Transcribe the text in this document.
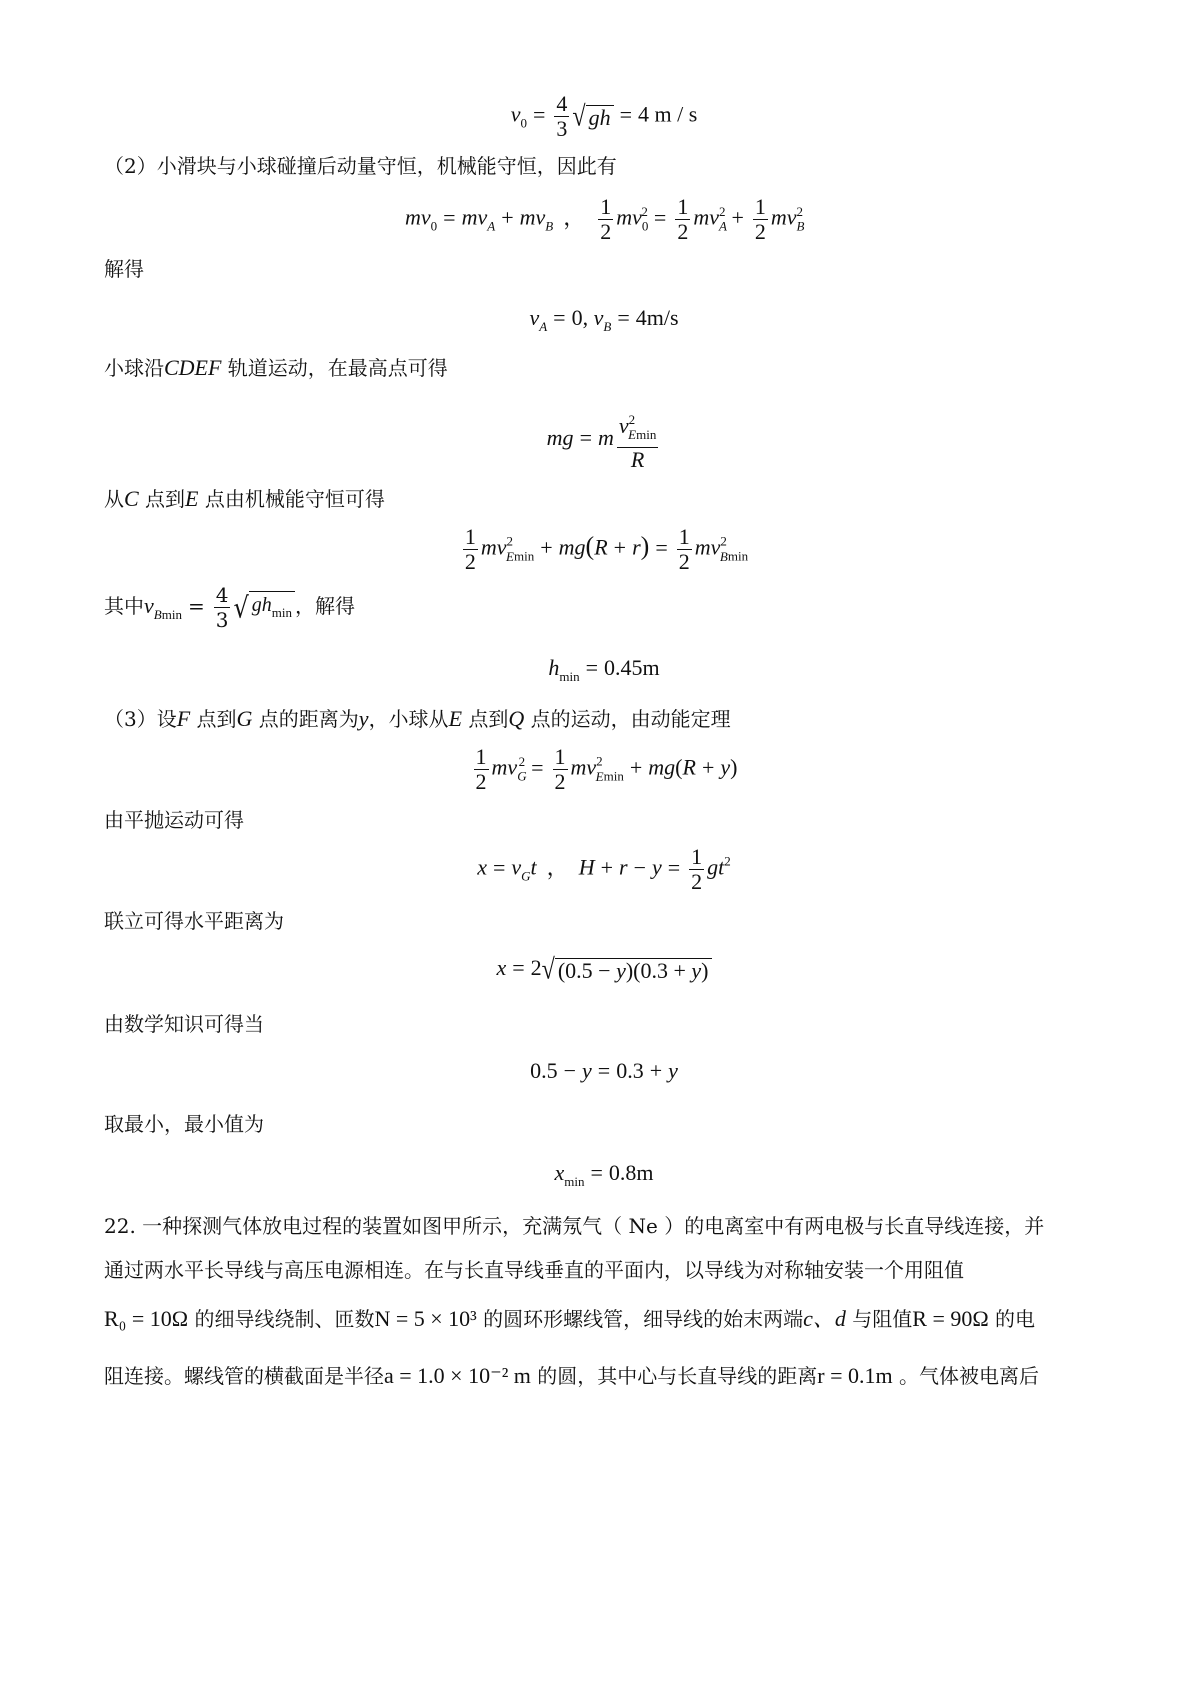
$v_0 = \frac{4}{3}$ √ gh = 4 m / s
（2）小滑块与小球碰撞后动量守恒，机械能守恒，因此有
$mv_0 = mv_A + mv_B$ ， $\frac{1}{2} mv_0^2 = \frac{1}{2} mv_A^2 + \frac{1}{2} mv_B^2$
解得
$v_A = 0$, $v_B = 4m/s$
小球沿CDEF 轨道运动，在最高点可得
mg = m $\frac{v^2_{Emin}}{R}$
从C 点到E 点由机械能守恒可得
$\frac{1}{2} mv^2_{Emin} + mg(R + r) = \frac{1}{2} mv^2_{Bmin}$
其中$v_{Bmin} = \frac{4}{3}$ √ $gh_{min}$ ，解得
$h_{min} = 0.45m$
（3）设F 点到G 点的距离为y，小球从E 点到Q 点的运动，由动能定理
$\frac{1}{2} mv_G^2 = \frac{1}{2} mv^2_{Emin} + mg(R + y)$
由平抛运动可得
$x = v_Gt$ ， $H + r - y = \frac{1}{2} gt^2$
联立可得水平距离为
x = 2√ (0.5 − y)(0.3 + y)
由数学知识可得当
0.5 − y = 0.3 + y
取最小，最小值为
$x_{min} = 0.8m$
22. 一种探测气体放电过程的装置如图甲所示，充满氖气（ Ne ）的电离室中有两电极与长直导线连接，并
通过两水平长导线与高压电源相连。在与长直导线垂直的平面内，以导线为对称轴安装一个用阻值
R₀ = 10Ω 的细导线绕制、匝数N = 5 × 10³ 的圆环形螺线管，细导线的始末两端c、d 与阻值R = 90Ω 的电
阻连接。螺线管的横截面是半径a = 1.0 × 10⁻² m 的圆，其中心与长直导线的距离r = 0.1m 。气体被电离后
